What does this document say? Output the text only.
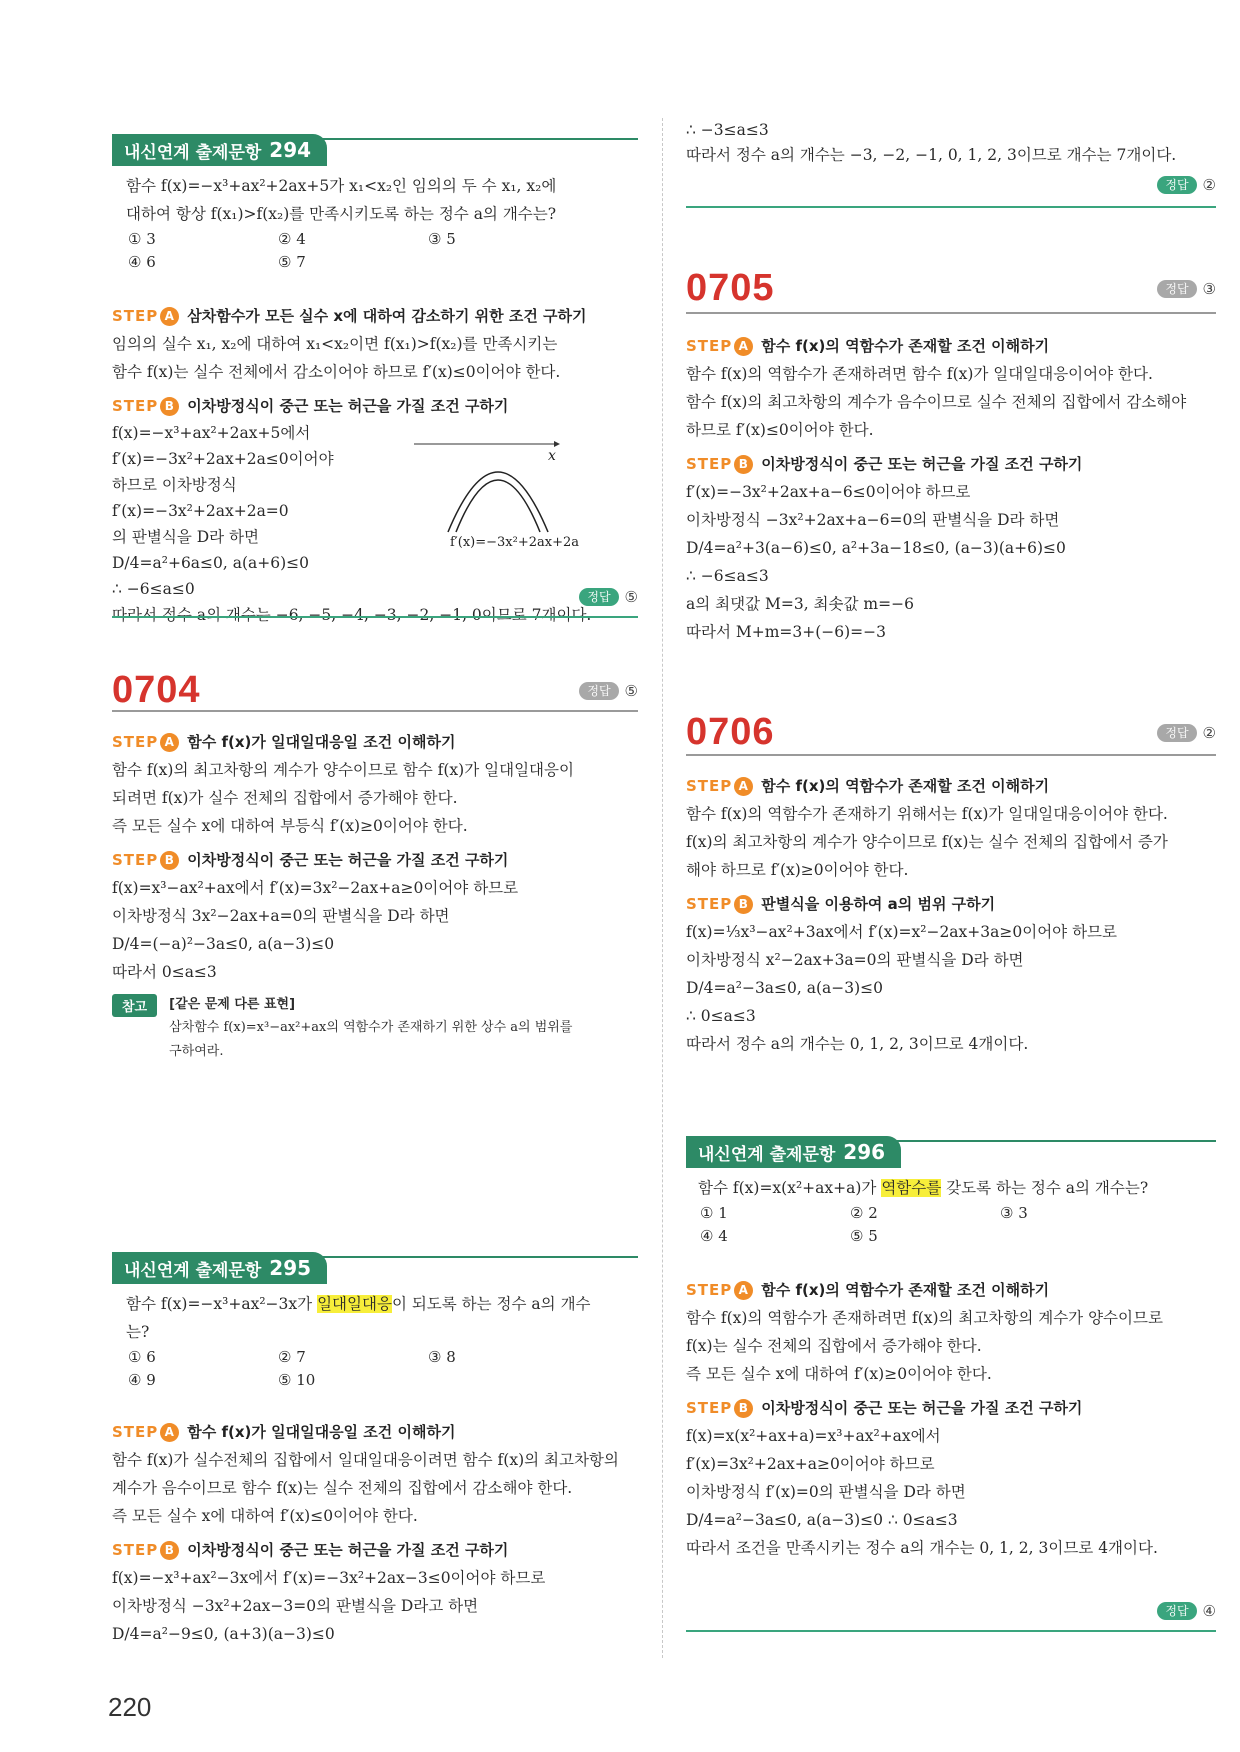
내신연계 출제문항 294
함수 f(x)=−x³+ax²+2ax+5가 x₁<x₂인 임의의 두 수 x₁, x₂에
대하여 항상 f(x₁)>f(x₂)를 만족시키도록 하는 정수 a의 개수는?
① 3	② 4	③ 5
④ 6	⑤ 7
STEP A 삼차함수가 모든 실수 x에 대하여 감소하기 위한 조건 구하기
임의의 실수 x₁, x₂에 대하여 x₁<x₂이면 f(x₁)>f(x₂)를 만족시키는
함수 f(x)는 실수 전체에서 감소이어야 하므로 f′(x)≤0이어야 한다.
STEP B 이차방정식이 중근 또는 허근을 가질 조건 구하기
f(x)=−x³+ax²+2ax+5에서
f′(x)=−3x²+2ax+2a≤0이어야
하므로 이차방정식
f′(x)=−3x²+2ax+2a=0
의 판별식을 D라 하면
D/4=a²+6a≤0, a(a+6)≤0
∴ −6≤a≤0
따라서 정수 a의 개수는 −6, −5, −4, −3, −2, −1, 0이므로 7개이다.
x
f′(x)=−3x²+2ax+2a
정답 ⑤
0704	정답 ⑤
STEP A 함수 f(x)가 일대일대응일 조건 이해하기
함수 f(x)의 최고차항의 계수가 양수이므로 함수 f(x)가 일대일대응이
되려면 f(x)가 실수 전체의 집합에서 증가해야 한다.
즉 모든 실수 x에 대하여 부등식 f′(x)≥0이어야 한다.
STEP B 이차방정식이 중근 또는 허근을 가질 조건 구하기
f(x)=x³−ax²+ax에서 f′(x)=3x²−2ax+a≥0이어야 하므로
이차방정식 3x²−2ax+a=0의 판별식을 D라 하면
D/4=(−a)²−3a≤0, a(a−3)≤0
따라서 0≤a≤3
참고	[같은 문제 다른 표현]
삼차함수 f(x)=x³−ax²+ax의 역함수가 존재하기 위한 상수 a의 범위를
구하여라.
내신연계 출제문항 295
함수 f(x)=−x³+ax²−3x가 일대일대응이 되도록 하는 정수 a의 개수
는?
① 6	② 7	③ 8
④ 9	⑤ 10
STEP A 함수 f(x)가 일대일대응일 조건 이해하기
함수 f(x)가 실수전체의 집합에서 일대일대응이려면 함수 f(x)의 최고차항의
계수가 음수이므로 함수 f(x)는 실수 전체의 집합에서 감소해야 한다.
즉 모든 실수 x에 대하여 f′(x)≤0이어야 한다.
STEP B 이차방정식이 중근 또는 허근을 가질 조건 구하기
f(x)=−x³+ax²−3x에서 f′(x)=−3x²+2ax−3≤0이어야 하므로
이차방정식 −3x²+2ax−3=0의 판별식을 D라고 하면
D/4=a²−9≤0, (a+3)(a−3)≤0
∴ −3≤a≤3
따라서 정수 a의 개수는 −3, −2, −1, 0, 1, 2, 3이므로 개수는 7개이다.
정답 ②
0705	정답 ③
STEP A 함수 f(x)의 역함수가 존재할 조건 이해하기
함수 f(x)의 역함수가 존재하려면 함수 f(x)가 일대일대응이어야 한다.
함수 f(x)의 최고차항의 계수가 음수이므로 실수 전체의 집합에서 감소해야
하므로 f′(x)≤0이어야 한다.
STEP B 이차방정식이 중근 또는 허근을 가질 조건 구하기
f′(x)=−3x²+2ax+a−6≤0이어야 하므로
이차방정식 −3x²+2ax+a−6=0의 판별식을 D라 하면
D/4=a²+3(a−6)≤0, a²+3a−18≤0, (a−3)(a+6)≤0
∴ −6≤a≤3
a의 최댓값 M=3, 최솟값 m=−6
따라서 M+m=3+(−6)=−3
0706	정답 ②
STEP A 함수 f(x)의 역함수가 존재할 조건 이해하기
함수 f(x)의 역함수가 존재하기 위해서는 f(x)가 일대일대응이어야 한다.
f(x)의 최고차항의 계수가 양수이므로 f(x)는 실수 전체의 집합에서 증가
해야 하므로 f′(x)≥0이어야 한다.
STEP B 판별식을 이용하여 a의 범위 구하기
f(x)=⅓x³−ax²+3ax에서 f′(x)=x²−2ax+3a≥0이어야 하므로
이차방정식 x²−2ax+3a=0의 판별식을 D라 하면
D/4=a²−3a≤0, a(a−3)≤0
∴ 0≤a≤3
따라서 정수 a의 개수는 0, 1, 2, 3이므로 4개이다.
내신연계 출제문항 296
함수 f(x)=x(x²+ax+a)가 역함수를 갖도록 하는 정수 a의 개수는?
① 1	② 2	③ 3
④ 4	⑤ 5
STEP A 함수 f(x)의 역함수가 존재할 조건 이해하기
함수 f(x)의 역함수가 존재하려면 f(x)의 최고차항의 계수가 양수이므로
f(x)는 실수 전체의 집합에서 증가해야 한다.
즉 모든 실수 x에 대하여 f′(x)≥0이어야 한다.
STEP B 이차방정식이 중근 또는 허근을 가질 조건 구하기
f(x)=x(x²+ax+a)=x³+ax²+ax에서
f′(x)=3x²+2ax+a≥0이어야 하므로
이차방정식 f′(x)=0의 판별식을 D라 하면
D/4=a²−3a≤0, a(a−3)≤0 ∴ 0≤a≤3
따라서 조건을 만족시키는 정수 a의 개수는 0, 1, 2, 3이므로 4개이다.
정답 ④
220
